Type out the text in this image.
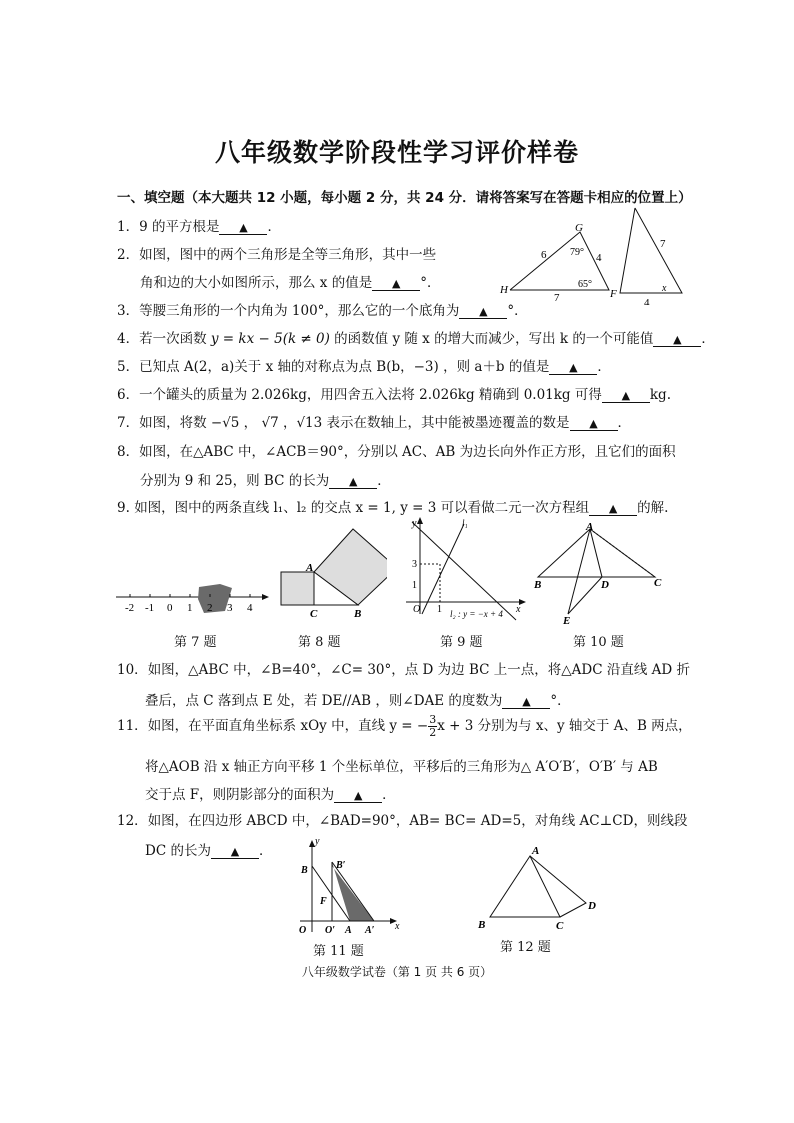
八年级数学阶段性学习评价样卷
一、填空题（本大题共 12 小题，每小题 2 分，共 24 分．请将答案写在答题卡相应的位置上）
1．9 的平方根是 ▲ ．
2．如图，图中的两个三角形是全等三角形，其中一些
角和边的大小如图所示，那么 x 的值是 ▲ °．
G
H	F
6	4
7
79°
65°
7
4
x
3．等腰三角形的一个内角为 100°，那么它的一个底角为 ▲ °．
4．若一次函数 y = kx − 5(k ≠ 0) 的函数值 y 随 x 的增大而减少，写出 k 的一个可能值 ▲ ．
5．已知点 A(2，a)关于 x 轴的对称点为点 B(b，−3) ，则 a＋b 的值是 ▲ ．
6．一个罐头的质量为 2.026kg，用四舍五入法将 2.026kg 精确到 0.01kg 可得 ▲ kg.
7．如图，将数 −√5 ， √7 ，√13 表示在数轴上，其中能被墨迹覆盖的数是 ▲ ．
8．如图，在△ABC 中，∠ACB＝90°，分别以 AC、AB 为边长向外作正方形，且它们的面积
分别为 9 和 25，则 BC 的长为 ▲ ．
9. 如图，图中的两条直线 l₁、l₂ 的交点 x = 1, y = 3 可以看做二元一次方程组 ▲ 的解.
-2 -1 0 1 2 3 4
A
B
C
y
x
O
l₁
l₂ : y = −x + 4
3
1
1
A
B	C
D
E
第 7 题	第 8 题	第 9 题	第 10 题
10．如图，△ABC 中，∠B=40°，∠C= 30°，点 D 为边 BC 上一点，将△ADC 沿直线 AD 折
叠后，点 C 落到点 E 处，若 DE//AB ，则∠DAE 的度数为 ▲ °．
11．如图，在平面直角坐标系 xOy 中，直线 y = − $\frac{3}{2}$ x + 3 分别为与 x、y 轴交于 A、B 两点，
将△AOB 沿 x 轴正方向平移 1 个坐标单位，平移后的三角形为△ A′O′B′，O′B′ 与 AB
交于点 F，则阴影部分的面积为 ▲ ．
12．如图，在四边形 ABCD 中，∠BAD=90°，AB= BC= AD=5，对角线 AC⊥CD，则线段
DC 的长为 ▲ ．
y
x
O
B	B′
F
O′ A A′
A
B	C
D
第 11 题	第 12 题
八年级数学试卷（第 1 页 共 6 页）
